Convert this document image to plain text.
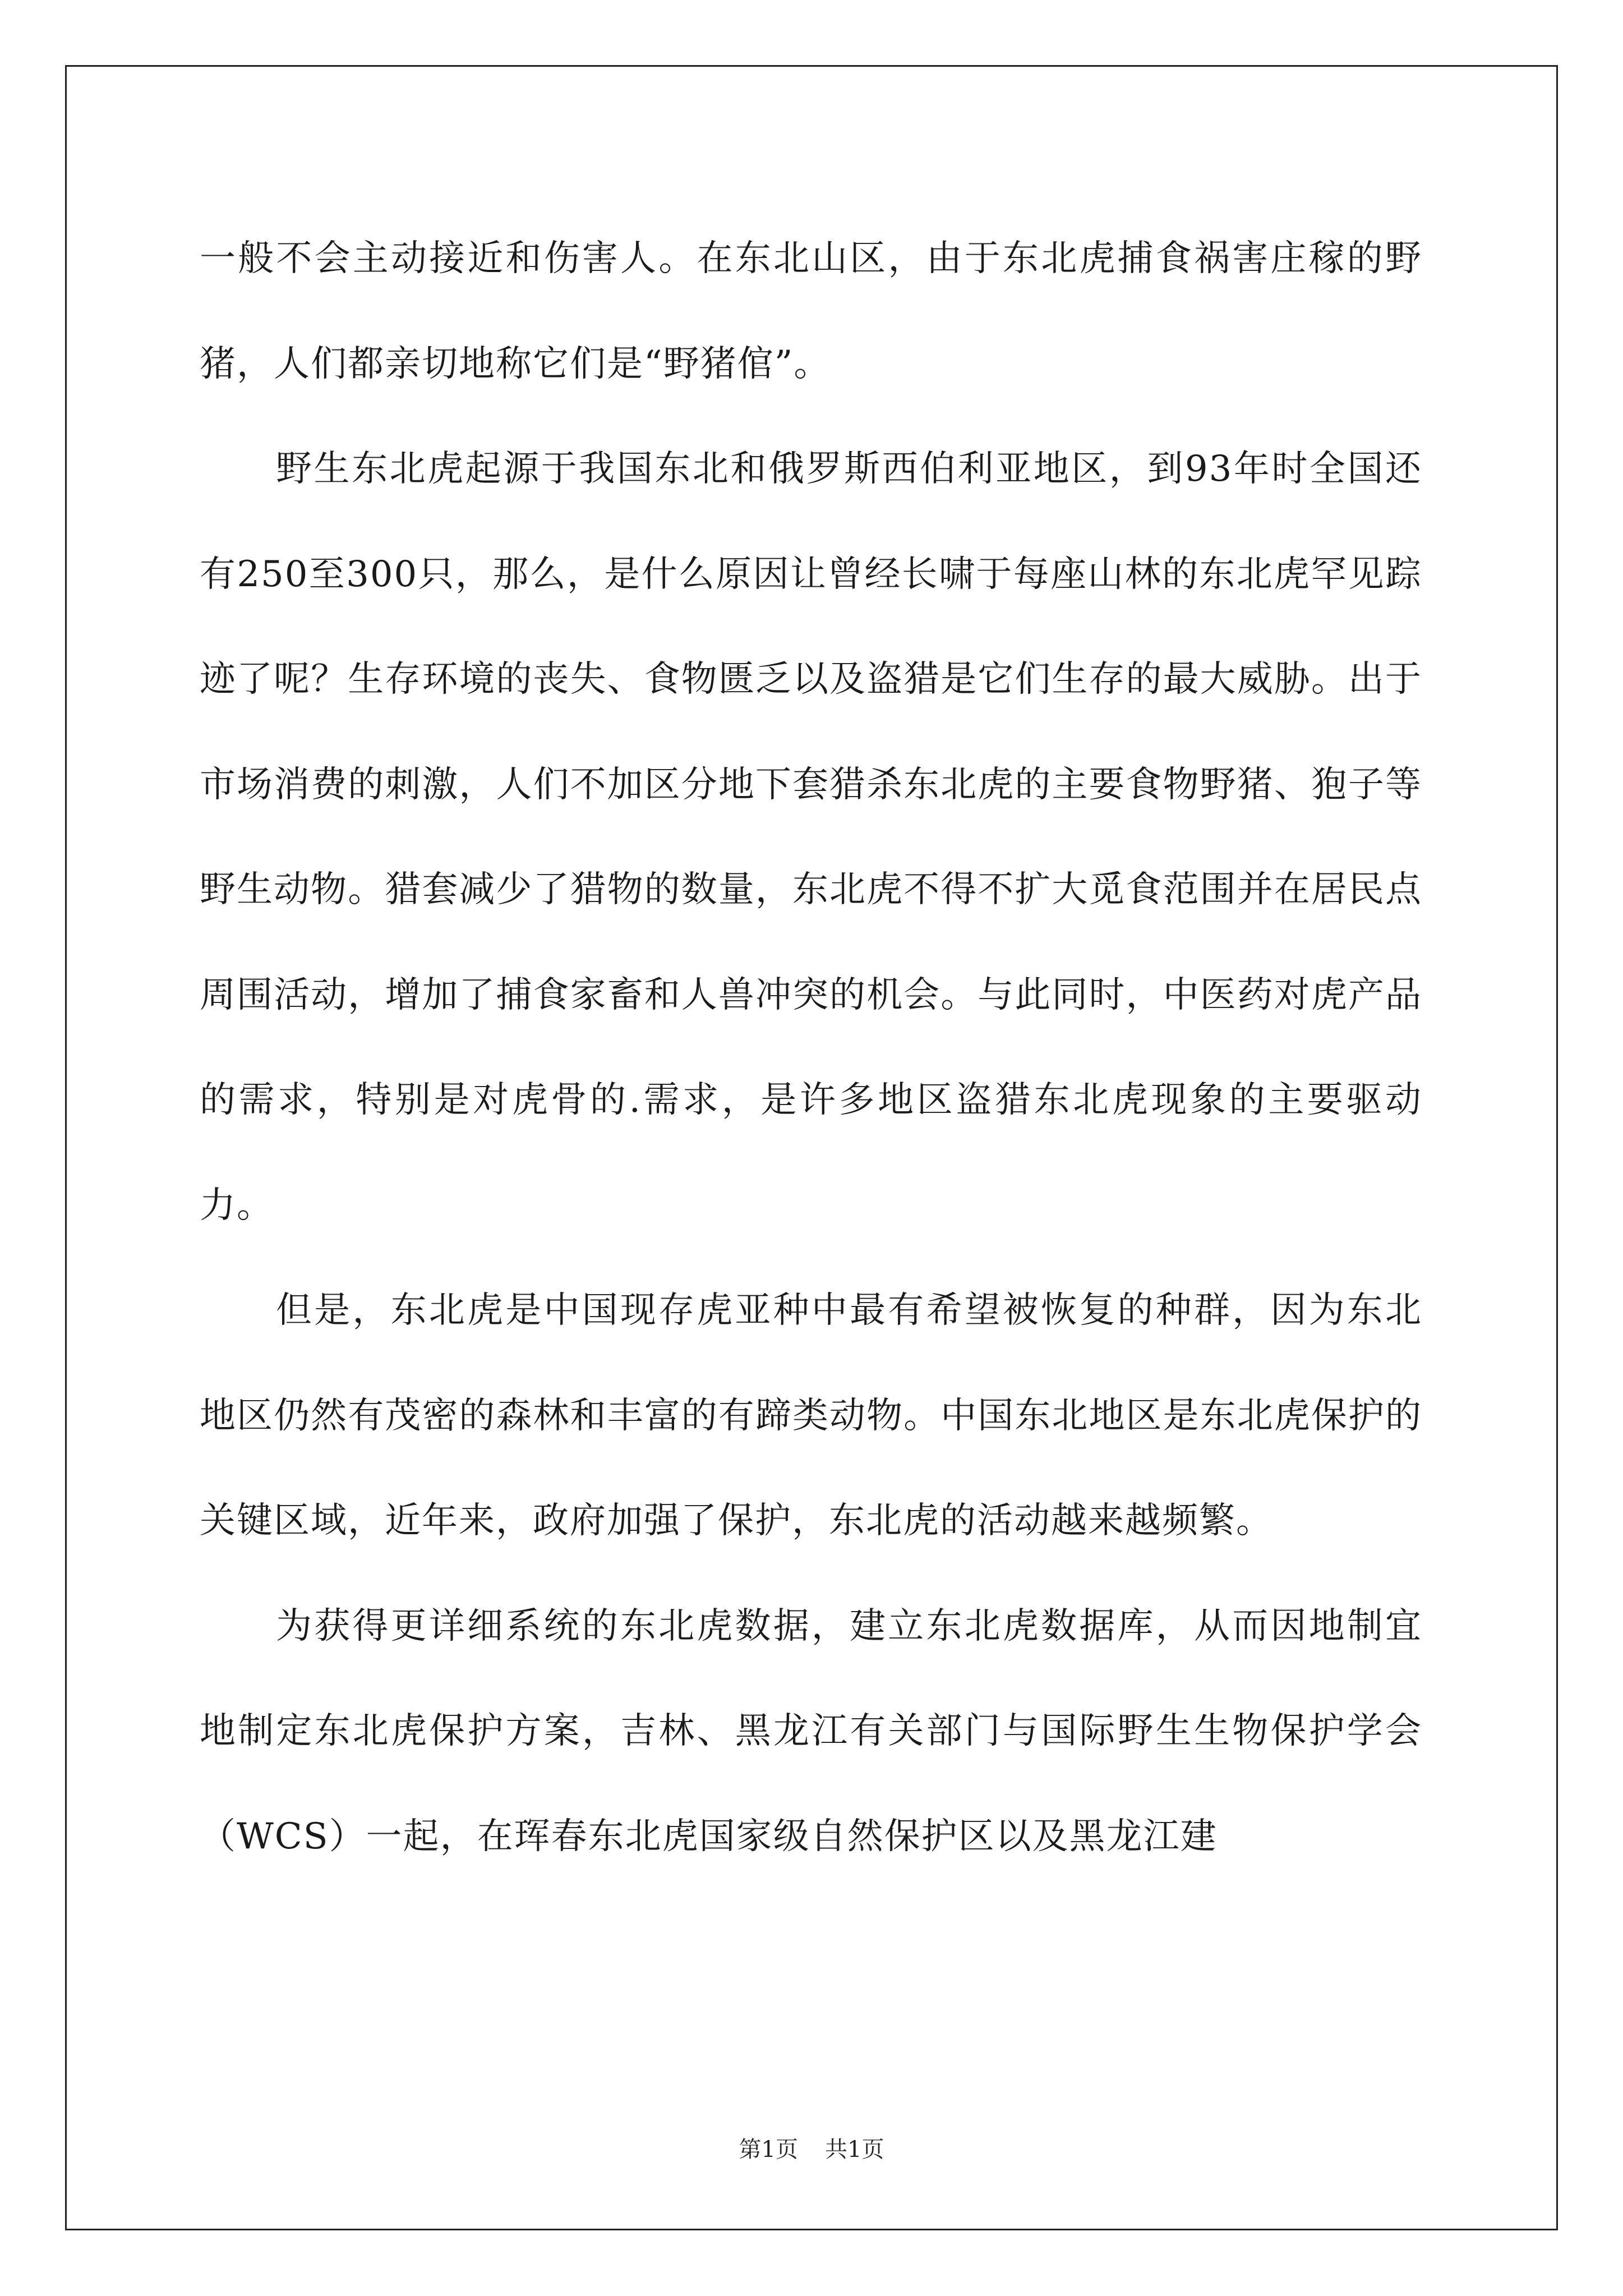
一般不会主动接近和伤害人。在东北山区，由于东北虎捕食祸害庄稼的野猪，人们都亲切地称它们是“野猪倌”。

野生东北虎起源于我国东北和俄罗斯西伯利亚地区，到93年时全国还有250至300只，那么，是什么原因让曾经长啸于每座山林的东北虎罕见踪迹了呢？生存环境的丧失、食物匮乏以及盗猎是它们生存的最大威胁。出于市场消费的刺激，人们不加区分地下套猎杀东北虎的主要食物野猪、狍子等野生动物。猎套减少了猎物的数量，东北虎不得不扩大觅食范围并在居民点周围活动，增加了捕食家畜和人兽冲突的机会。与此同时，中医药对虎产品的需求，特别是对虎骨的.需求，是许多地区盗猎东北虎现象的主要驱动力。

但是，东北虎是中国现存虎亚种中最有希望被恢复的种群，因为东北地区仍然有茂密的森林和丰富的有蹄类动物。中国东北地区是东北虎保护的关键区域，近年来，政府加强了保护，东北虎的活动越来越频繁。

为获得更详细系统的东北虎数据，建立东北虎数据库，从而因地制宜地制定东北虎保护方案，吉林、黑龙江有关部门与国际野生生物保护学会（WCS）一起，在珲春东北虎国家级自然保护区以及黑龙江建

第1页 共1页
